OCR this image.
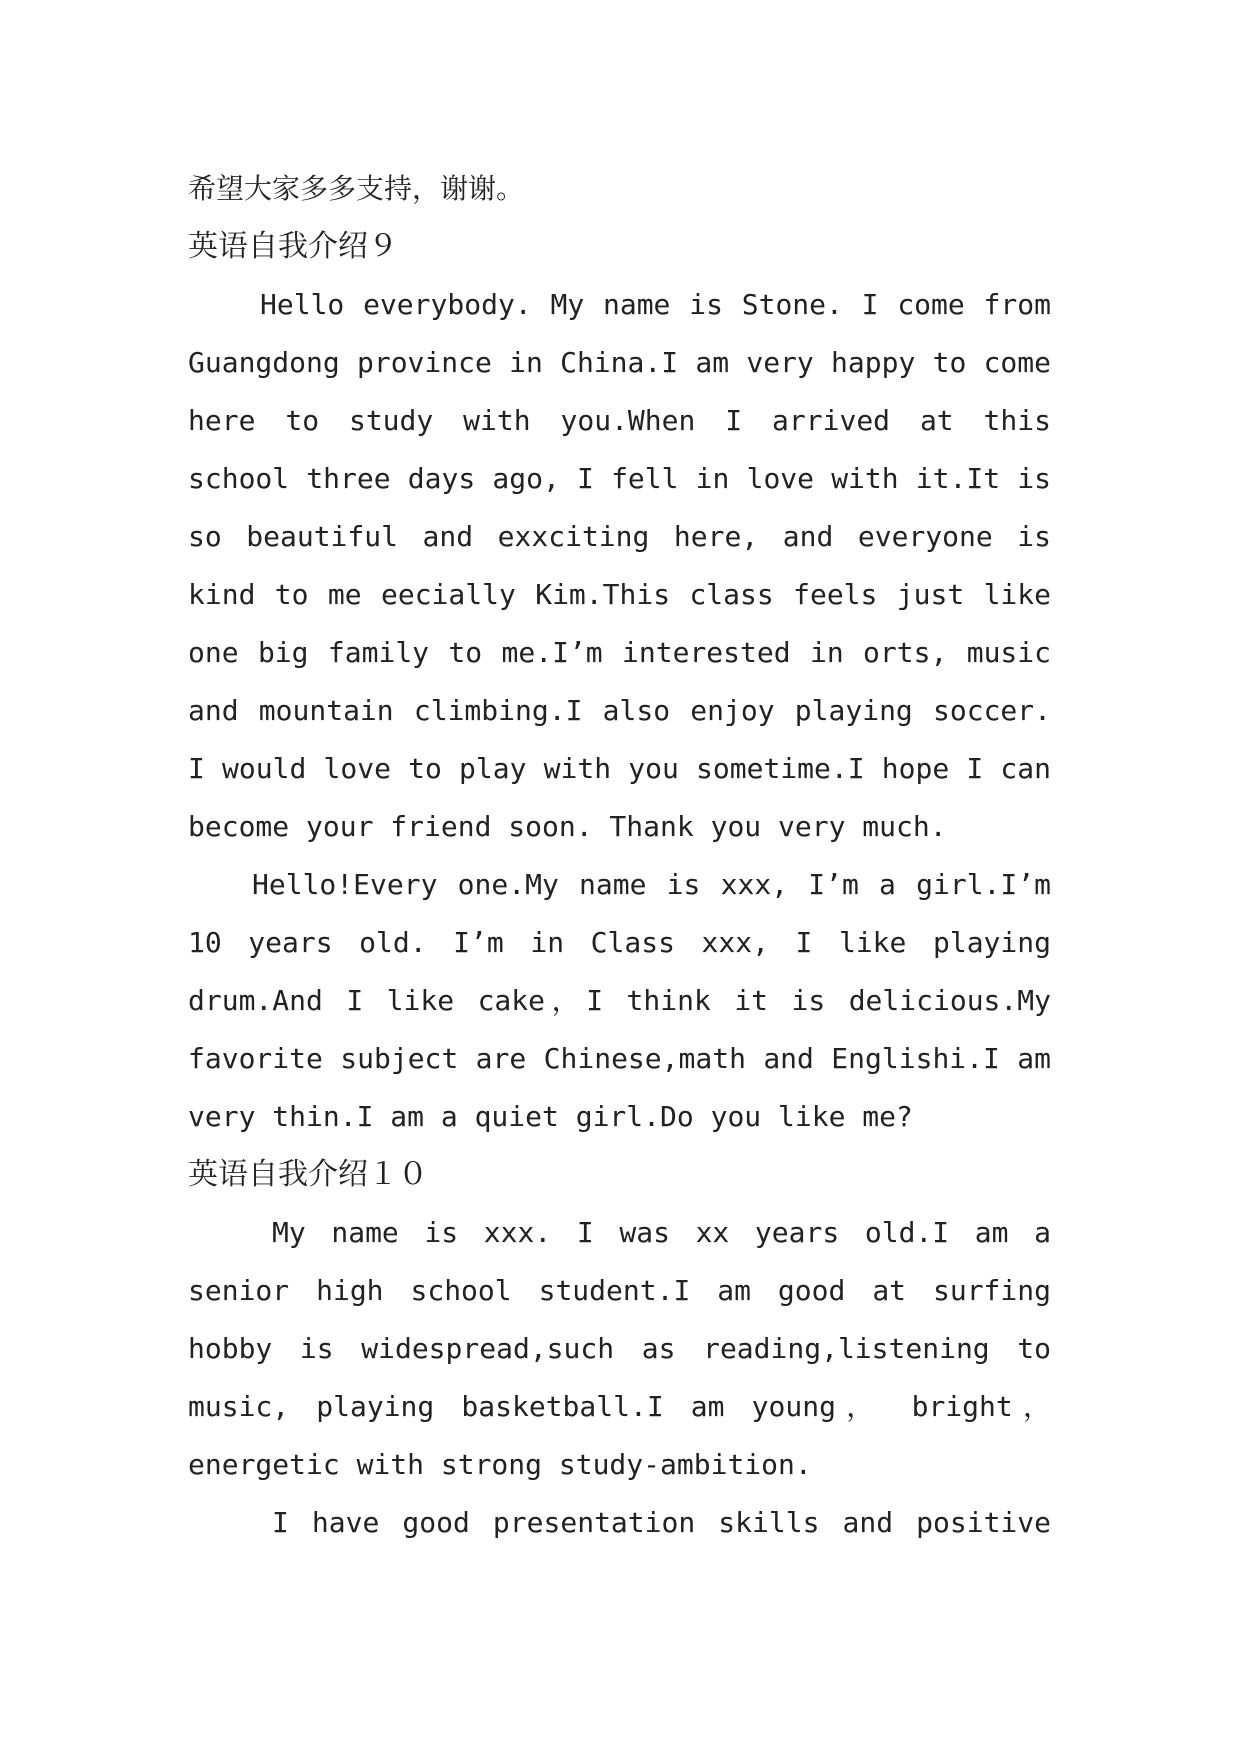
希望大家多多支持，谢谢。
英语自我介绍９
Hello everybody. My name is Stone. I come from
Guangdong province in China.I am very happy to come
here to study with you.When I arrived at this
school three days ago, I fell in love with it.It is
so beautiful and exxciting here, and everyone is
kind to me eecially Kim.This class feels just like
one big family to me.I’m interested in orts, music
and mountain climbing.I also enjoy playing soccer.
I would love to play with you sometime.I hope I can
become your friend soon. Thank you very much.
Hello!Every one.My name is xxx, I’m a girl.I’m
10 years old. I’m in Class xxx, I like playing
drum.And I like cake，I think it is delicious.My
favorite subject are Chinese,math and Englishi.I am
very thin.I am a quiet girl.Do you like me?
英语自我介绍１０
My name is xxx. I was xx years old.I am a
senior high school student.I am good at surfing
hobby is widespread,such as reading,listening to
music, playing basketball.I am young， bright，
energetic with strong study-ambition.
I have good presentation skills and positive
